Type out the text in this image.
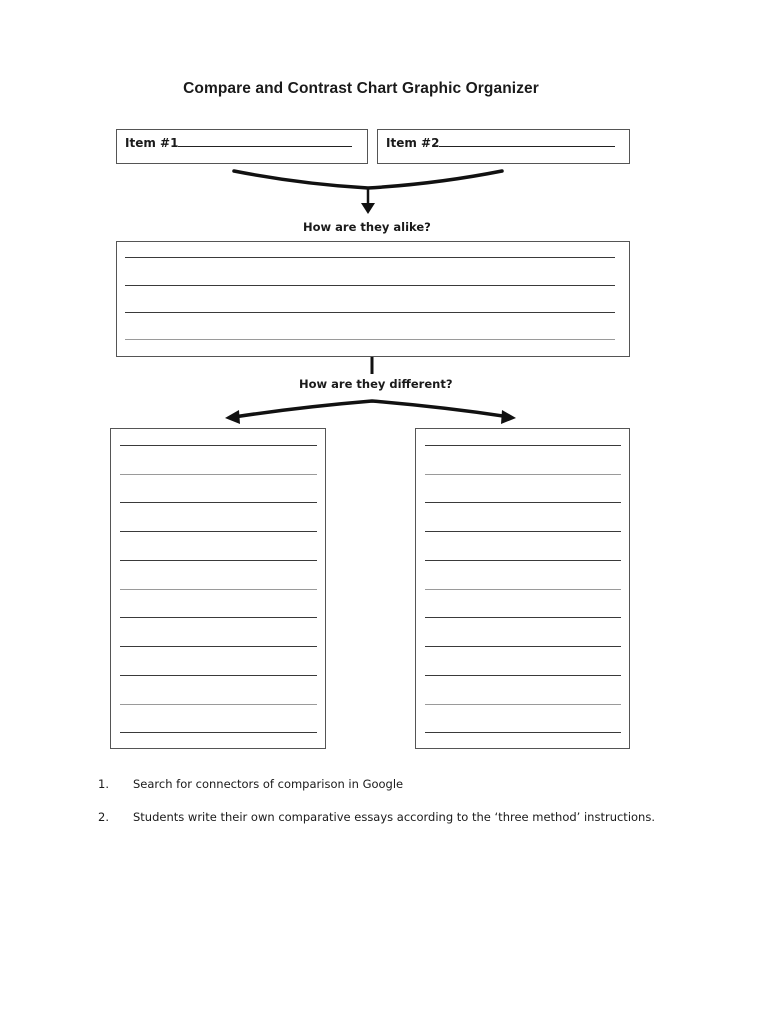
Compare and Contrast Chart Graphic Organizer
Item #1	Item #2
How are they alike?
How are they different?
1. Search for connectors of comparison in Google
2. Students write their own comparative essays according to the ‘three method’ instructions.
